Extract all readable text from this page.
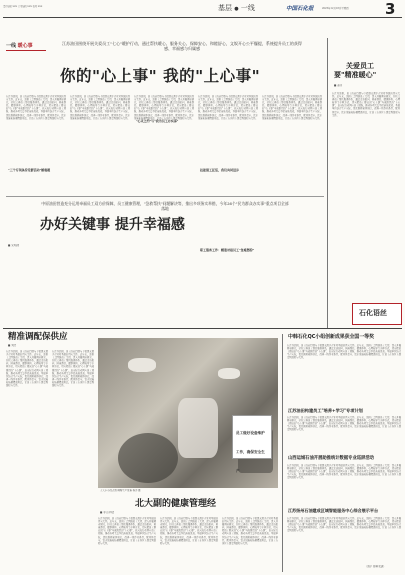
责任编辑 XXX 美术编辑 XXX 校对 XXX	基层 ● 一线	中国石化报	2025年12月18日星期四 3
一线 暖心事	江苏油田围绕开展关爱员工"七心"暖护行动，通过帮扶暖心、服务关心、保障安心、和睦舒心，文娱开心公平爆提，系统提升员工的获得感、幸福感与归属感
你的"心上事" 我的"上心事"
在江苏油田，员工的获得感与幸福感来源于企业对基层的真实关怀。近年来，油田工会围绕员工关切，深入开展调查研究，持续完善员工帮扶服务体系，通过走访慰问、困难帮扶、健康体检、心理疏导等多种方式，切实把员工群众的"心上事"当成组织的"上心事"，以实际行动回应员工期盼，推动各项关爱举措落地见效。基层单位结合生产实际，优化倒班轮休制度，改善一线作业条件，配置休息室、饮水设施和防暑降温用品，让员工在岗位上感受到温暖与关怀。
在江苏油田，员工的获得感与幸福感来源于企业对基层的真实关怀。近年来，油田工会围绕员工关切，深入开展调查研究，持续完善员工帮扶服务体系，通过走访慰问、困难帮扶、健康体检、心理疏导等多种方式，切实把员工群众的"心上事"当成组织的"上心事"，以实际行动回应员工期盼，推动各项关爱举措落地见效。基层单位结合生产实际，优化倒班轮休制度，改善一线作业条件，配置休息室、饮水设施和防暑降温用品，让员工在岗位上感受到温暖与关怀。
在江苏油田，员工的获得感与幸福感来源于企业对基层的真实关怀。近年来，油田工会围绕员工关切，深入开展调查研究，持续完善员工帮扶服务体系，通过走访慰问、困难帮扶、健康体检、心理疏导等多种方式，切实把员工群众的"心上事"当成组织的"上心事"，以实际行动回应员工期盼，推动各项关爱举措落地见效。基层单位结合生产实际，优化倒班轮休制度，改善一线作业条件，配置休息室、饮水设施和防暑降温用品，让员工在岗位上感受到温暖与关怀。
在江苏油田，员工的获得感与幸福感来源于企业对基层的真实关怀。近年来，油田工会围绕员工关切，深入开展调查研究，持续完善员工帮扶服务体系，通过走访慰问、困难帮扶、健康体检、心理疏导等多种方式，切实把员工群众的"心上事"当成组织的"上心事"，以实际行动回应员工期盼，推动各项关爱举措落地见效。基层单位结合生产实际，优化倒班轮休制度，改善一线作业条件，配置休息室、饮水设施和防暑降温用品，让员工在岗位上感受到温暖与关怀。
在江苏油田，员工的获得感与幸福感来源于企业对基层的真实关怀。近年来，油田工会围绕员工关切，深入开展调查研究，持续完善员工帮扶服务体系，通过走访慰问、困难帮扶、健康体检、心理疏导等多种方式，切实把员工群众的"心上事"当成组织的"上心事"，以实际行动回应员工期盼，推动各项关爱举措落地见效。基层单位结合生产实际，优化倒班轮休制度，改善一线作业条件，配置休息室、饮水设施和防暑降温用品，让员工在岗位上感受到温暖与关怀。
"三个专项条持党群活动"解难题
"心灵之约"与"我为员工办实事"
技能强工匠活，我们共同进步
关爱员工
要"精准暖心"
■ 高远
在江苏油田，员工的获得感与幸福感来源于企业对基层的真实关怀。近年来，油田工会围绕员工关切，深入开展调查研究，持续完善员工帮扶服务体系，通过走访慰问、困难帮扶、健康体检、心理疏导等多种方式，切实把员工群众的"心上事"当成组织的"上心事"，以实际行动回应员工期盼，推动各项关爱举措落地见效。基层单位结合生产实际，优化倒班轮休制度，改善一线作业条件，配置休息室、饮水设施和防暑降温用品，让员工在岗位上感受到温暖与关怀。
中原油田营造充分运用牵福员工双方价保障，员工健康管理，"急救帮扶"问题解决等，推出多项务实举措，今年26个"民为群众办实事"重点项目全部落地
办好关键事 提升幸福感
■ 宋明清
职工服务工作：精准对接员工"急难愁盼"
石化语丝
精准调配保供应
■ 刘光
在江苏油田，员工的获得感与幸福感来源于企业对基层的真实关怀。近年来，油田工会围绕员工关切，深入开展调查研究，持续完善员工帮扶服务体系，通过走访慰问、困难帮扶、健康体检、心理疏导等多种方式，切实把员工群众的"心上事"当成组织的"上心事"，以实际行动回应员工期盼，推动各项关爱举措落地见效。基层单位结合生产实际，优化倒班轮休制度，改善一线作业条件，配置休息室、饮水设施和防暑降温用品，让员工在岗位上感受到温暖与关怀。
在江苏油田，员工的获得感与幸福感来源于企业对基层的真实关怀。近年来，油田工会围绕员工关切，深入开展调查研究，持续完善员工帮扶服务体系，通过走访慰问、困难帮扶、健康体检、心理疏导等多种方式，切实把员工群众的"心上事"当成组织的"上心事"，以实际行动回应员工期盼，推动各项关爱举措落地见效。基层单位结合生产实际，优化倒班轮休制度，改善一线作业条件，配置休息室、饮水设施和防暑降温用品，让员工在岗位上感受到温暖与关怀。
大大小小的点赞·调整生产设备 杨洋 摄
员工做好设备维护工作，确保安全生产
北大副的健康管理经
■ 李山 林洁
在江苏油田，员工的获得感与幸福感来源于企业对基层的真实关怀。近年来，油田工会围绕员工关切，深入开展调查研究，持续完善员工帮扶服务体系，通过走访慰问、困难帮扶、健康体检、心理疏导等多种方式，切实把员工群众的"心上事"当成组织的"上心事"，以实际行动回应员工期盼，推动各项关爱举措落地见效。基层单位结合生产实际，优化倒班轮休制度，改善一线作业条件，配置休息室、饮水设施和防暑降温用品，让员工在岗位上感受到温暖与关怀。
在江苏油田，员工的获得感与幸福感来源于企业对基层的真实关怀。近年来，油田工会围绕员工关切，深入开展调查研究，持续完善员工帮扶服务体系，通过走访慰问、困难帮扶、健康体检、心理疏导等多种方式，切实把员工群众的"心上事"当成组织的"上心事"，以实际行动回应员工期盼，推动各项关爱举措落地见效。基层单位结合生产实际，优化倒班轮休制度，改善一线作业条件，配置休息室、饮水设施和防暑降温用品，让员工在岗位上感受到温暖与关怀。
在江苏油田，员工的获得感与幸福感来源于企业对基层的真实关怀。近年来，油田工会围绕员工关切，深入开展调查研究，持续完善员工帮扶服务体系，通过走访慰问、困难帮扶、健康体检、心理疏导等多种方式，切实把员工群众的"心上事"当成组织的"上心事"，以实际行动回应员工期盼，推动各项关爱举措落地见效。基层单位结合生产实际，优化倒班轮休制度，改善一线作业条件，配置休息室、饮水设施和防暑降温用品，让员工在岗位上感受到温暖与关怀。
中韩石化QC小组创新成果获全国一等奖
在江苏油田，员工的获得感与幸福感来源于企业对基层的真实关怀。近年来，油田工会围绕员工关切，深入开展调查研究，持续完善员工帮扶服务体系，通过走访慰问、困难帮扶、健康体检、心理疏导等多种方式，切实把员工群众的"心上事"当成组织的"上心事"，以实际行动回应员工期盼，推动各项关爱举措落地见效。基层单位结合生产实际，优化倒班轮休制度，改善一线作业条件，配置休息室、饮水设施和防暑降温用品，让员工在岗位上感受到温暖与关怀。
江苏油田构建员工"培养+学习"专项计划
在江苏油田，员工的获得感与幸福感来源于企业对基层的真实关怀。近年来，油田工会围绕员工关切，深入开展调查研究，持续完善员工帮扶服务体系，通过走访慰问、困难帮扶、健康体检、心理疏导等多种方式，切实把员工群众的"心上事"当成组织的"上心事"，以实际行动回应员工期盼，推动各项关爱举措落地见效。基层单位结合生产实际，优化倒班轮休制度，改善一线作业条件，配置休息室、饮水设施和防暑降温用品，让员工在岗位上感受到温暖与关怀。
山西运城石油开展助推统计数据专业巡屏活动
在江苏油田，员工的获得感与幸福感来源于企业对基层的真实关怀。近年来，油田工会围绕员工关切，深入开展调查研究，持续完善员工帮扶服务体系，通过走访慰问、困难帮扶、健康体检、心理疏导等多种方式，切实把员工群众的"心上事"当成组织的"上心事"，以实际行动回应员工期盼，推动各项关爱举措落地见效。基层单位结合生产实际，优化倒班轮休制度，改善一线作业条件，配置休息室、饮水设施和防暑降温用品，让员工在岗位上感受到温暖与关怀。
江苏扬州石油建成区域智能服务中心综合展示平台
在江苏油田，员工的获得感与幸福感来源于企业对基层的真实关怀。近年来，油田工会围绕员工关切，深入开展调查研究，持续完善员工帮扶服务体系，通过走访慰问、困难帮扶、健康体检、心理疏导等多种方式，切实把员工群众的"心上事"当成组织的"上心事"，以实际行动回应员工期盼，推动各项关爱举措落地见效。基层单位结合生产实际，优化倒班轮休制度，改善一线作业条件，配置休息室、饮水设施和防暑降温用品，让员工在岗位上感受到温暖与关怀。
（海宁 张琳 报道）
